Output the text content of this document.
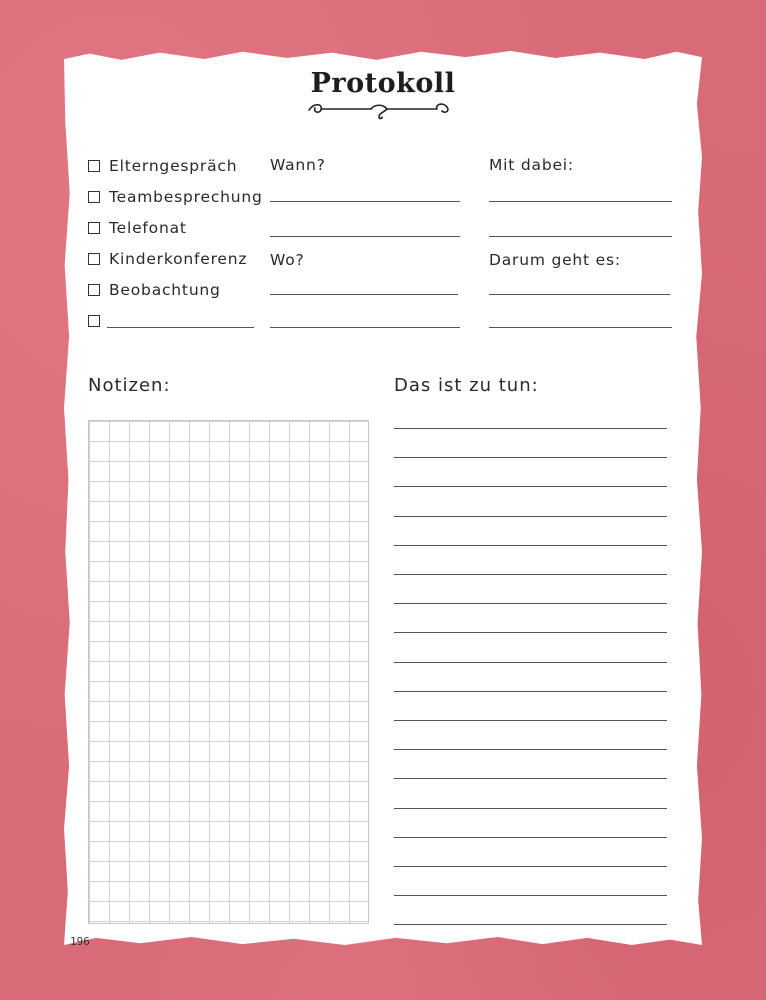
Protokoll
Elterngespräch
Teambesprechung
Telefonat
Kinderkonferenz
Beobachtung
Wann?	Mit dabei:
Wo?	Darum geht es:
Notizen:	Das ist zu tun:
196
